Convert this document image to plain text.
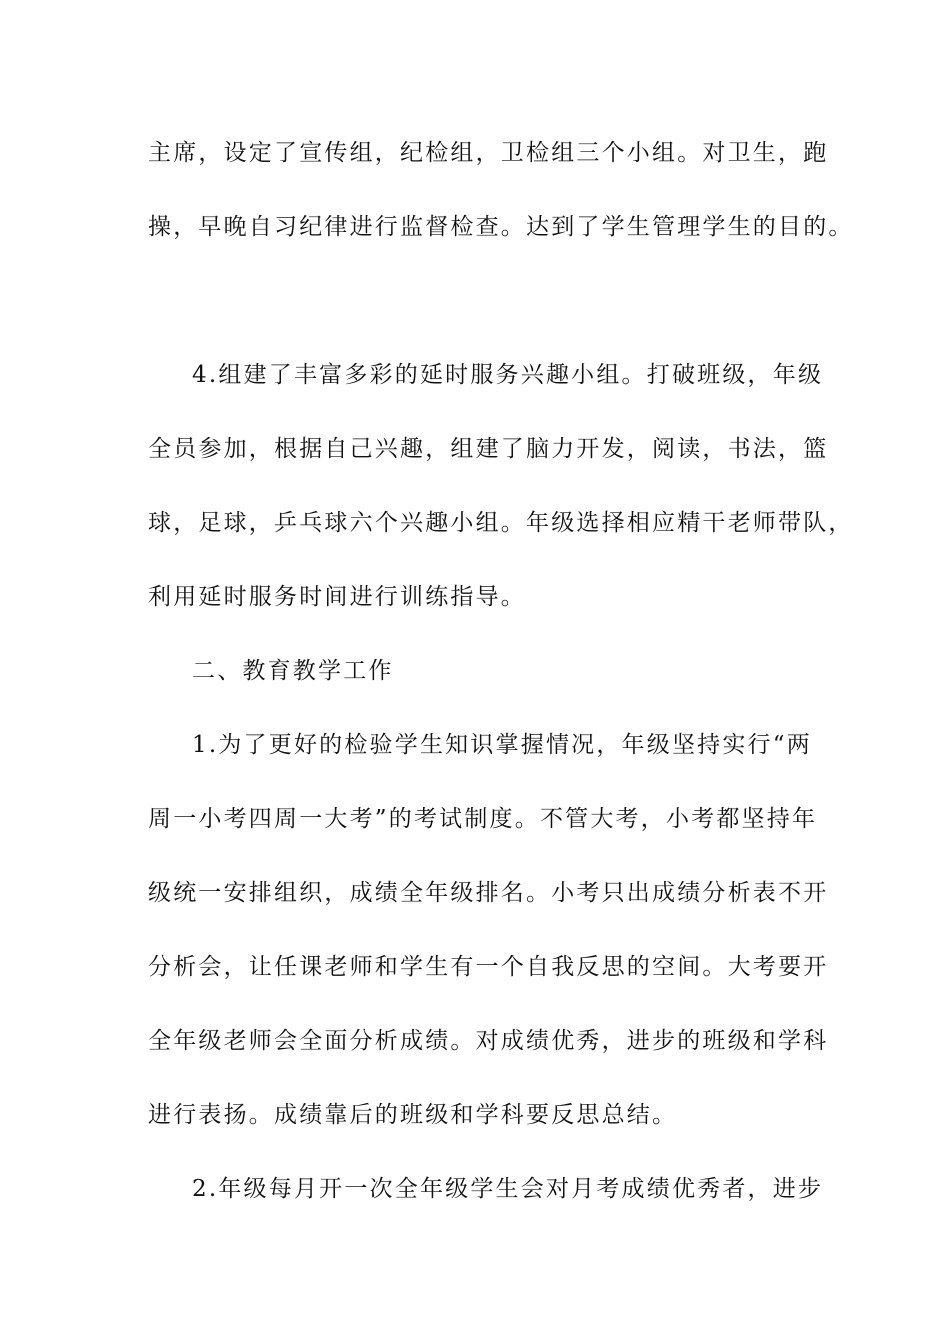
主席，设定了宣传组，纪检组，卫检组三个小组。对卫生，跑

操，早晚自习纪律进行监督检查。达到了学生管理学生的目的。

4.组建了丰富多彩的延时服务兴趣小组。打破班级，年级

全员参加，根据自己兴趣，组建了脑力开发，阅读，书法，篮

球，足球，乒乓球六个兴趣小组。年级选择相应精干老师带队，

利用延时服务时间进行训练指导。

二、教育教学工作

1.为了更好的检验学生知识掌握情况，年级坚持实行“两

周一小考四周一大考”的考试制度。不管大考，小考都坚持年

级统一安排组织，成绩全年级排名。小考只出成绩分析表不开

分析会，让任课老师和学生有一个自我反思的空间。大考要开

全年级老师会全面分析成绩。对成绩优秀，进步的班级和学科

进行表扬。成绩靠后的班级和学科要反思总结。

2.年级每月开一次全年级学生会对月考成绩优秀者，进步
